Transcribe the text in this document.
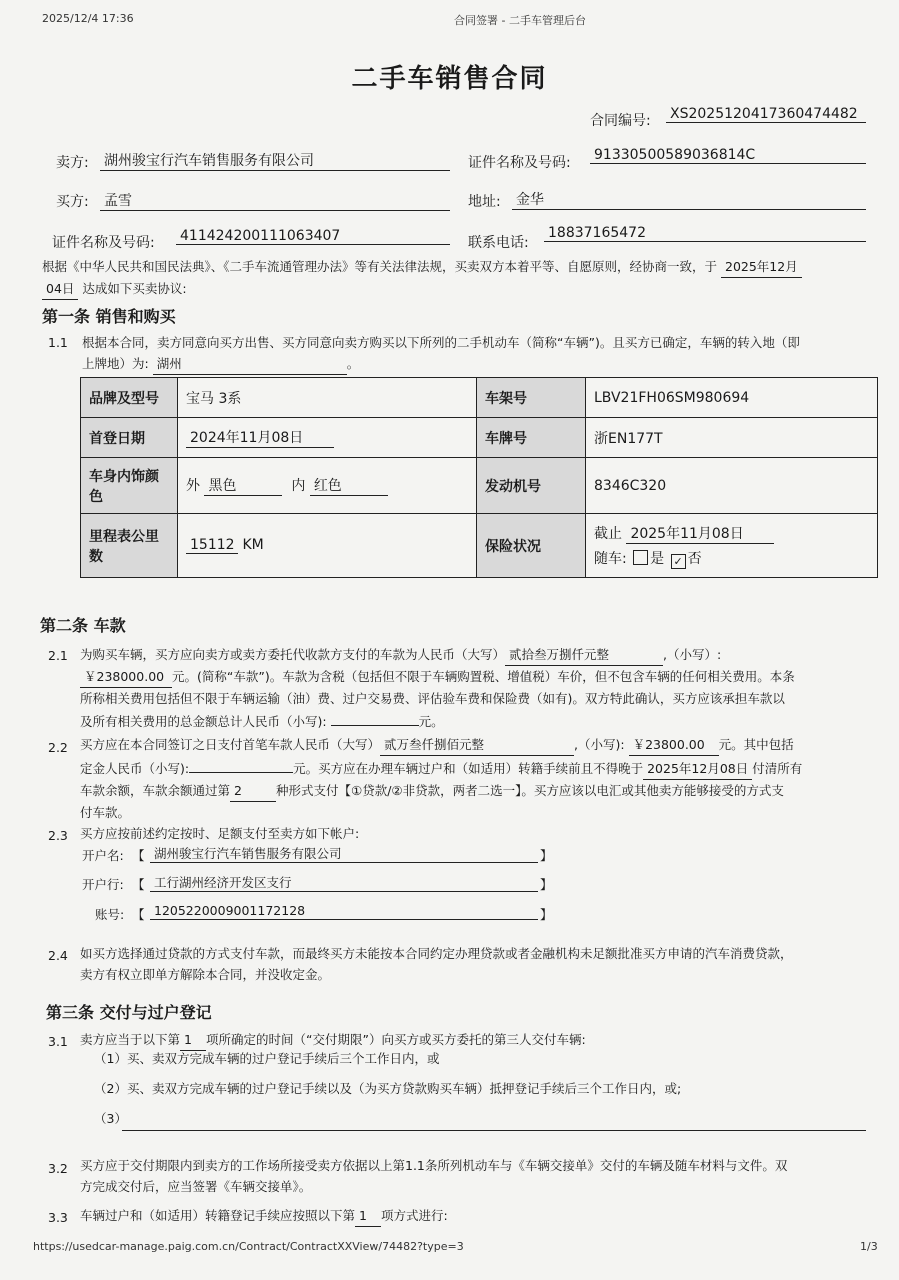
2025/12/4 17:36	合同签署 - 二手车管理后台
二手车销售合同
合同编号: XS2025120417360474482
卖方: 湖州骏宝行汽车销售服务有限公司	证件名称及号码: 91330500589036814C
买方: 孟雪	地址: 金华
证件名称及号码: 411424200111063407	联系电话:
18837165472
根据《中华人民共和国民法典》、《二手车流通管理办法》等有关法律法规，买卖双方本着平等、自愿原则，经协商一致，于 2025年12月
04日 达成如下买卖协议:
第一条 销售和购买
1.1 根据本合同，卖方同意向买方出售、买方同意向卖方购买以下所列的二手机动车（简称“车辆”)。且买方已确定，车辆的转入地（即
上牌地）为: 湖州	。
品牌及型号	宝马 3系	车架号	LBV21FH06SM980694
首登日期	2024年11月08日	车牌号	浙EN177T
车身内饰颜色	外 黑色 内 红色	发动机号	8346C320
里程表公里数	15112 KM	保险状况	截止 2025年11月08日
随车: 是 ✓ 否
第二条 车款
2.1 为购买车辆，买方应向卖方或卖方委托代收款方支付的车款为人民币（大写） 贰拾叁万捌仟元整	,（小写）:
￥238000.00 元。(简称“车款”)。车款为含税（包括但不限于车辆购置税、增值税）车价，但不包含车辆的任何相关费用。本条
所称相关费用包括但不限于车辆运输（油）费、过户交易费、评估验车费和保险费（如有)。双方特此确认，买方应该承担车款以
及所有相关费用的总金额总计人民币（小写):	元。
2.2 买方应在本合同签订之日支付首笔车款人民币（大写） 贰万叁仟捌佰元整	,（小写): ￥23800.00 元。其中包括
定金人民币（小写):	元。买方应在办理车辆过户和（如适用）转籍手续前且不得晚于 2025年12月08日 付清所有
车款余额，车款余额通过第 2	种形式支付【①贷款/②非贷款，两者二选一】。买方应该以电汇或其他卖方能够接受的方式支
付车款。
2.3 买方应按前述约定按时、足额支付至卖方如下帐户:
开户名: 【 湖州骏宝行汽车销售服务有限公司	】
开户行: 【 工行湖州经济开发区支行	】
账号: 【 1205220009001172128	】
2.4 如买方选择通过贷款的方式支付车款，而最终买方未能按本合同约定办理贷款或者金融机构未足额批准买方申请的汽车消费贷款，
卖方有权立即单方解除本合同，并没收定金。
第三条 交付与过户登记
3.1 卖方应当于以下第 1 项所确定的时间（“交付期限”）向买方或买方委托的第三人交付车辆:
（1）买、卖双方完成车辆的过户登记手续后三个工作日内，或
（2）买、卖双方完成车辆的过户登记手续以及（为买方贷款购买车辆）抵押登记手续后三个工作日内，或;
（3）
3.2 买方应于交付期限内到卖方的工作场所接受卖方依据以上第1.1条所列机动车与《车辆交接单》交付的车辆及随车材料与文件。双
方完成交付后，应当签署《车辆交接单》。
3.3 车辆过户和（如适用）转籍登记手续应按照以下第 1 项方式进行:
https://usedcar-manage.paig.com.cn/Contract/ContractXXView/74482?type=3	1/3
